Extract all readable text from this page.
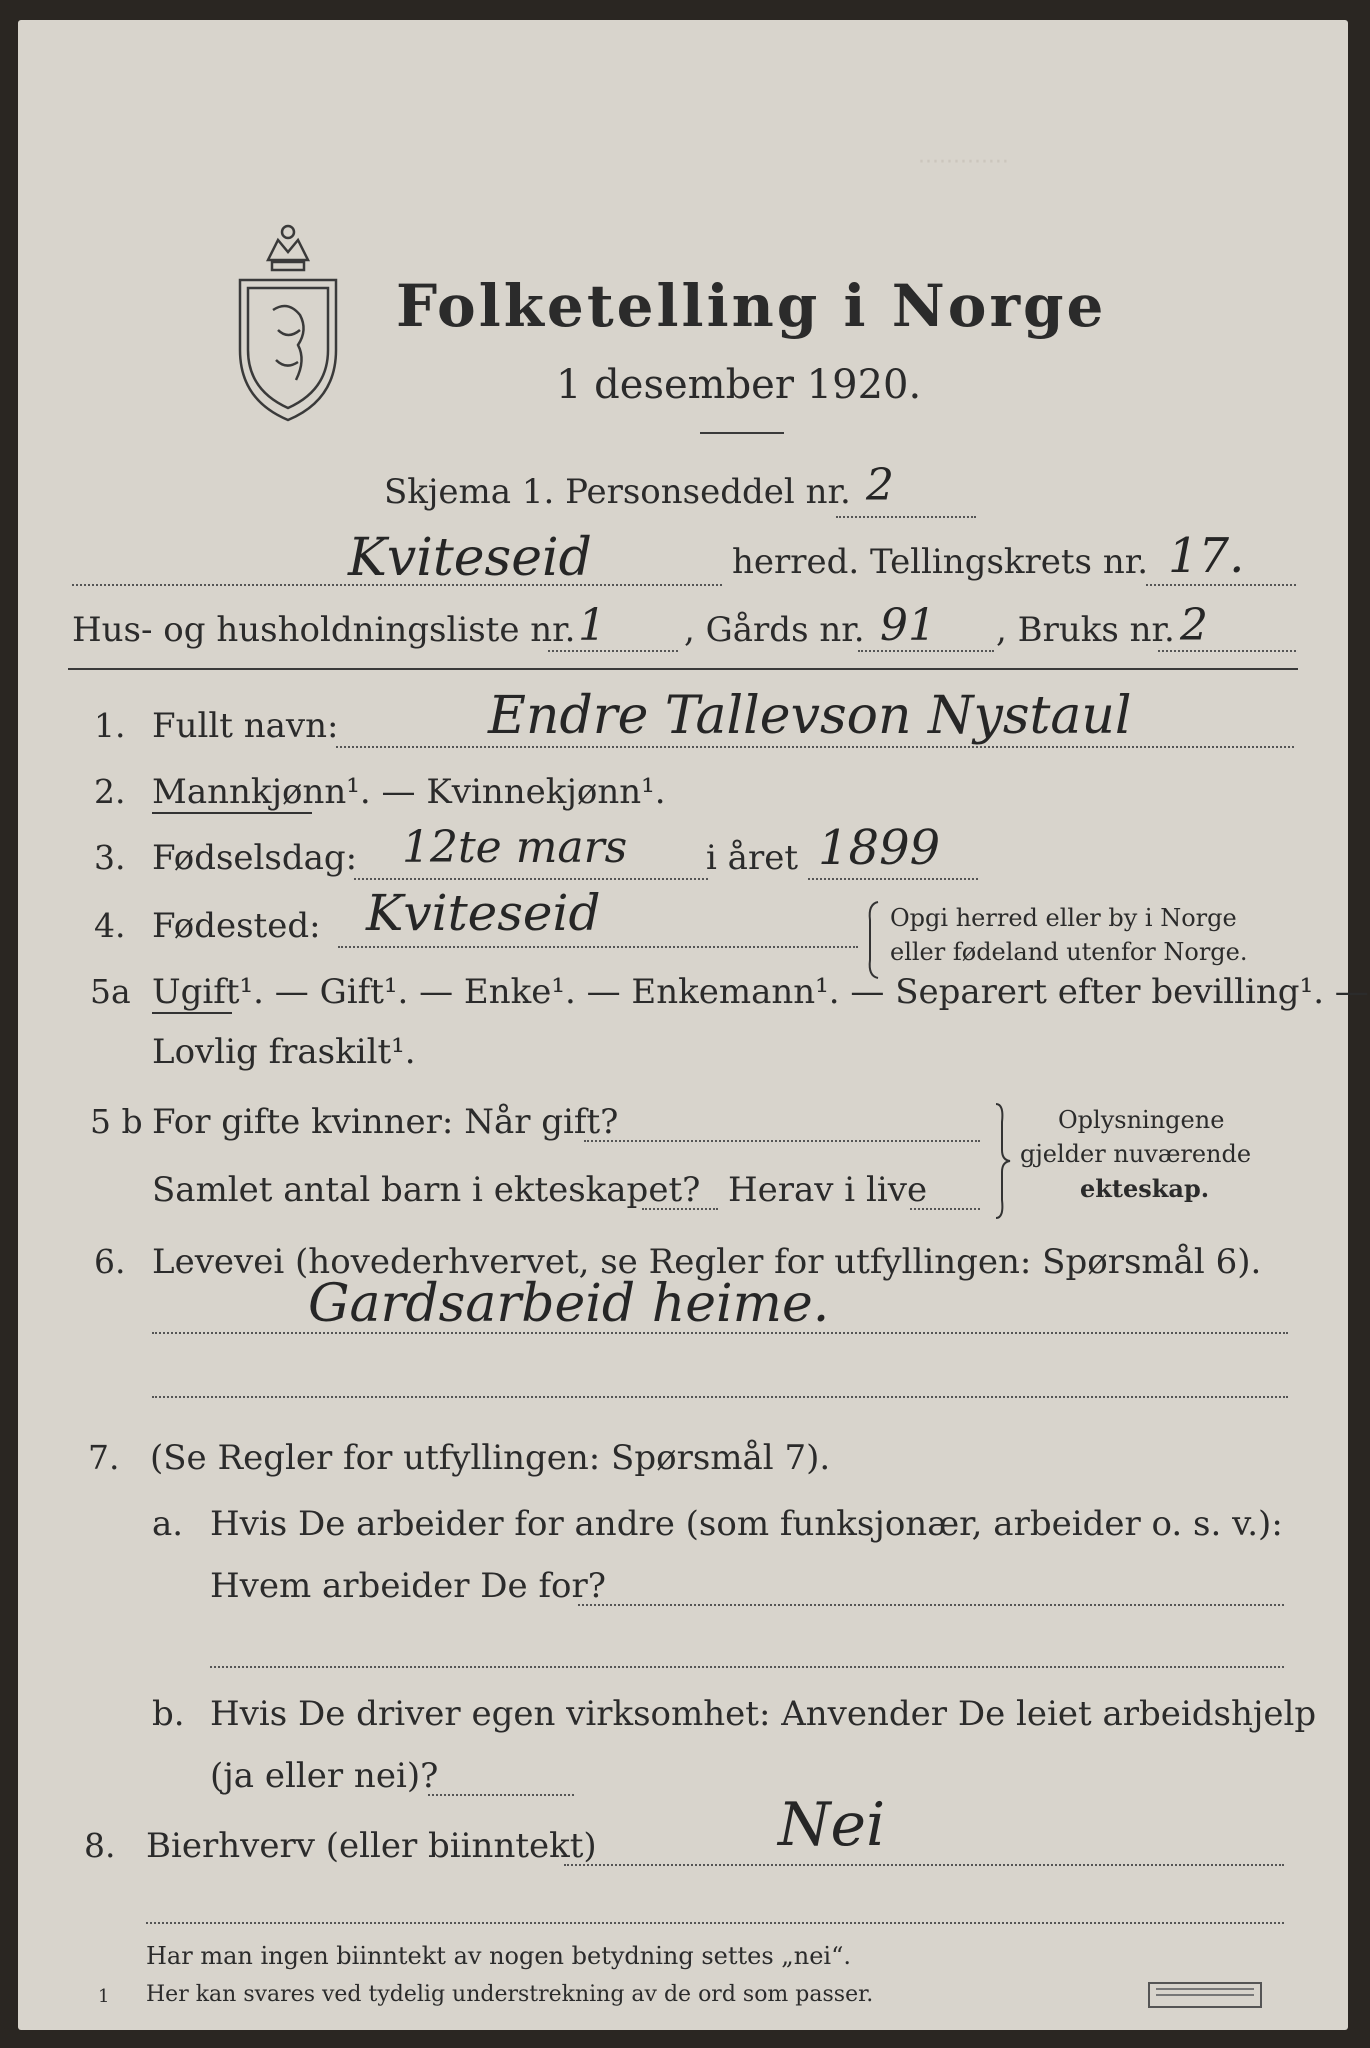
·············
Folketelling i Norge
1 desember 1920.
Skjema 1. Personseddel nr. 2
Kviteseid	herred. Tellingskrets nr. 17.
Hus- og husholdningsliste nr. 1 , Gårds nr. 91 , Bruks nr. 2
1. Fullt navn:	Endre Tallevson Nystaul
2. Mannkjønn¹. — Kvinnekjønn¹.
3. Fødselsdag: 12te mars i året 1899
4. Fødested: Kviteseid	Opgi herred eller by i Norge
eller fødeland utenfor Norge.
5a Ugift¹. — Gift¹. — Enke¹. — Enkemann¹. — Separert efter bevilling¹. —
Lovlig fraskilt¹.
5 b For gifte kvinner: Når gift?
Samlet antal barn i ekteskapet? Herav i live
Oplysningene
gjelder nuværende
ekteskap.
6. Levevei (hovederhvervet, se Regler for utfyllingen: Spørsmål 6).
Gardsarbeid heime.
7. (Se Regler for utfyllingen: Spørsmål 7).
a. Hvis De arbeider for andre (som funksjonær, arbeider o. s. v.):
Hvem arbeider De for?
b. Hvis De driver egen virksomhet: Anvender De leiet arbeidshjelp
(ja eller nei)?
8. Bierhverv (eller biinntekt)	Nei
Har man ingen biinntekt av nogen betydning settes „nei“.
1 Her kan svares ved tydelig understrekning av de ord som passer.
